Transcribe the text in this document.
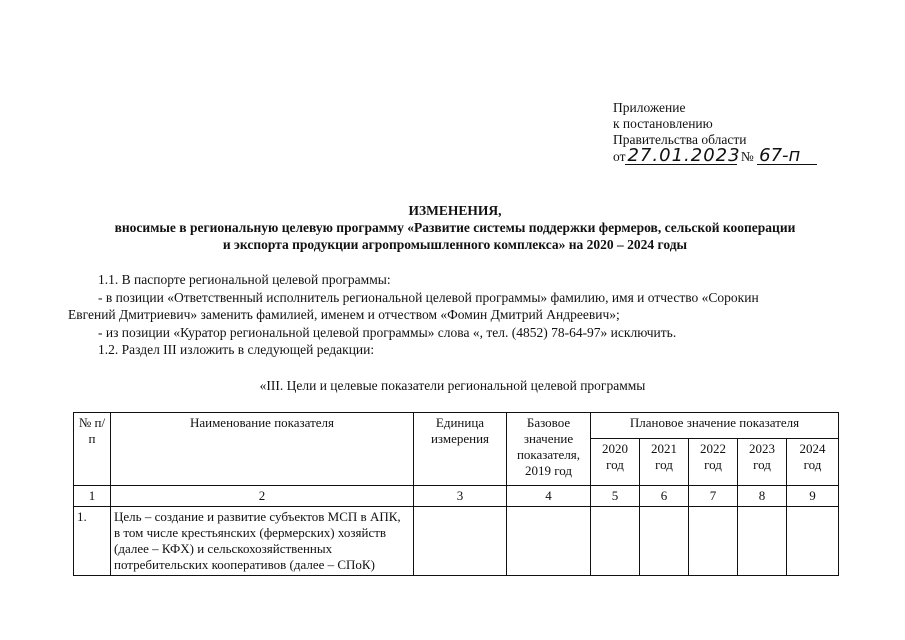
Приложение
к постановлению
Правительства области
от 27.01.2023 № 67-п
ИЗМЕНЕНИЯ,
вносимые в региональную целевую программу «Развитие системы поддержки фермеров, сельской кооперации
и экспорта продукции агропромышленного комплекса» на 2020 – 2024 годы

1.1. В паспорте региональной целевой программы:

- в позиции «Ответственный исполнитель региональной целевой программы» фамилию, имя и отчество «Сорокин

Евгений Дмитриевич» заменить фамилией, именем и отчеством «Фомин Дмитрий Андреевич»;

- из позиции «Куратор региональной целевой программы» слова «, тел. (4852) 78-64-97» исключить.

1.2. Раздел III изложить в следующей редакции:

«III. Цели и целевые показатели региональной целевой программы
№ п/п	Наименование показателя	Единица измерения	Базовое значение показателя, 2019 год	Плановое значение показателя				
				2020 год	2021 год	2022 год	2023 год	2024 год
1	2	3	4	5	6	7	8	9
1.	Цель – создание и развитие субъектов МСП в АПК, в том числе крестьянских (фермерских) хозяйств (далее – КФХ) и сельскохозяйственных потребительских кооперативов (далее – СПоК)							
